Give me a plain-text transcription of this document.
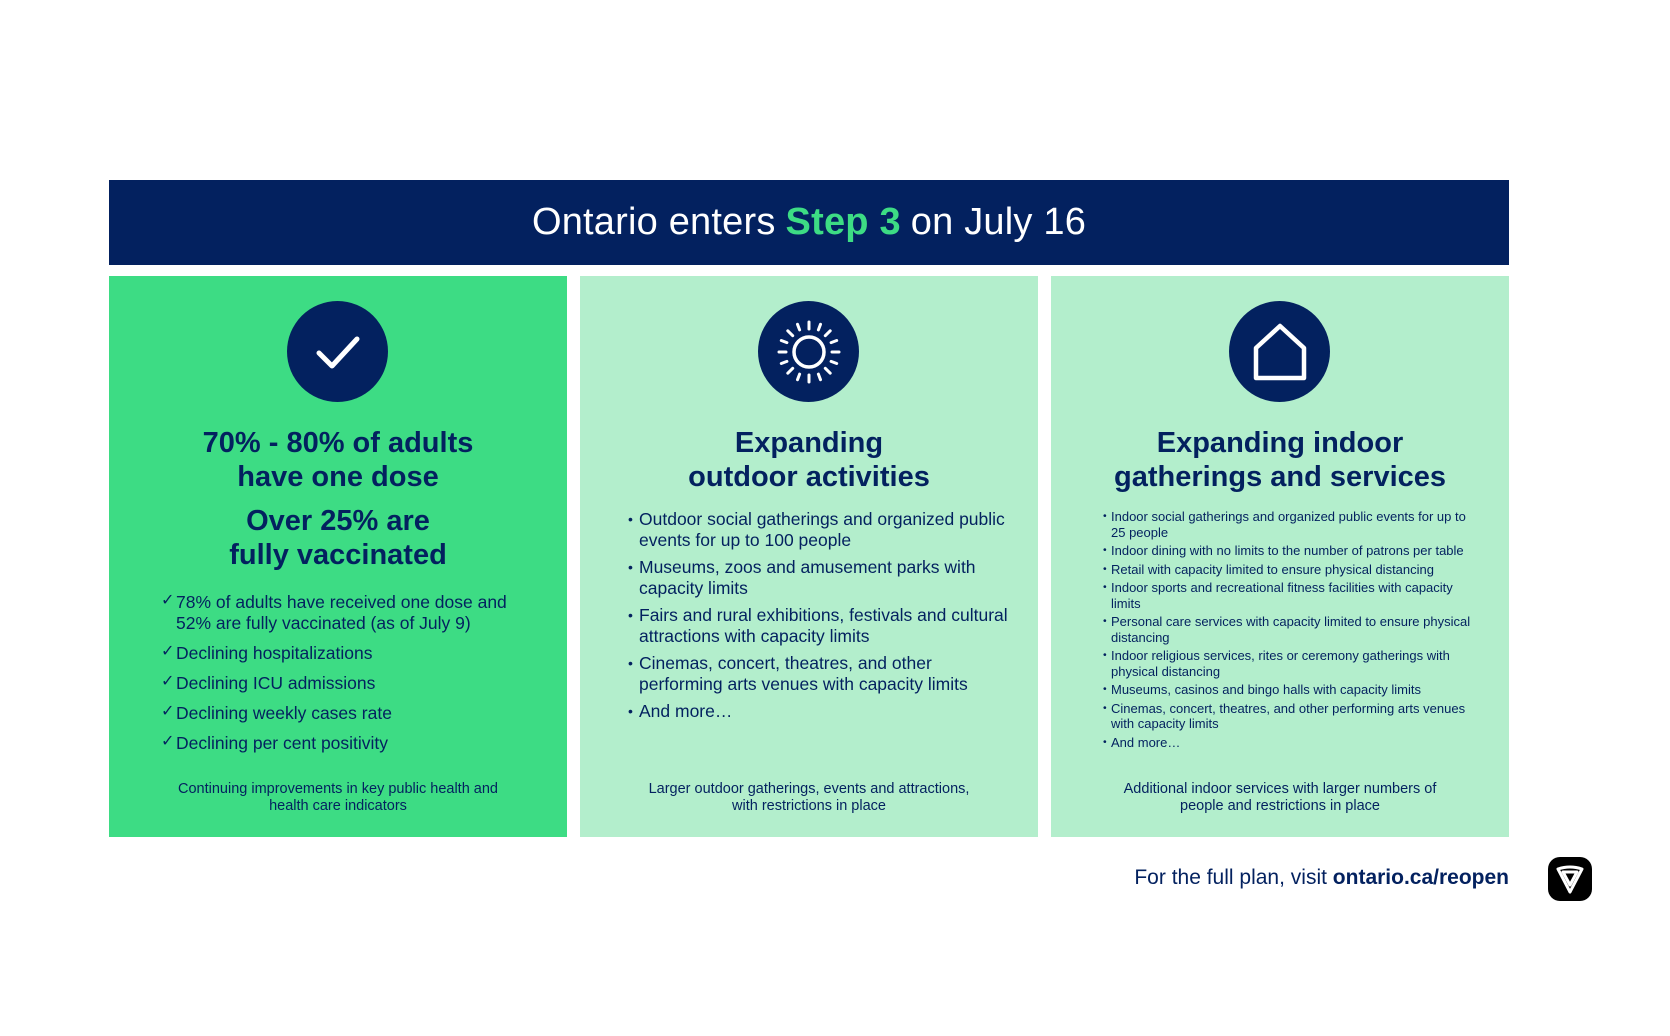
Ontario enters Step 3 on July 16
70% - 80% of adults
have one dose
Over 25% are
fully vaccinated
✓ 78% of adults have received one dose and 52% are fully vaccinated (as of July 9)
✓ Declining hospitalizations
✓ Declining ICU admissions
✓ Declining weekly cases rate
✓ Declining per cent positivity
Continuing improvements in key public health and health care indicators
Expanding
outdoor activities
• Outdoor social gatherings and organized public events for up to 100 people
• Museums, zoos and amusement parks with capacity limits
• Fairs and rural exhibitions, festivals and cultural attractions with capacity limits
• Cinemas, concert, theatres, and other performing arts venues with capacity limits
• And more…
Larger outdoor gatherings, events and attractions, with restrictions in place
Expanding indoor
gatherings and services
• Indoor social gatherings and organized public events for up to 25 people
• Indoor dining with no limits to the number of patrons per table
• Retail with capacity limited to ensure physical distancing
• Indoor sports and recreational fitness facilities with capacity limits
• Personal care services with capacity limited to ensure physical distancing
• Indoor religious services, rites or ceremony gatherings with physical distancing
• Museums, casinos and bingo halls with capacity limits
• Cinemas, concert, theatres, and other performing arts venues with capacity limits
• And more…
Additional indoor services with larger numbers of people and restrictions in place
For the full plan, visit ontario.ca/reopen
